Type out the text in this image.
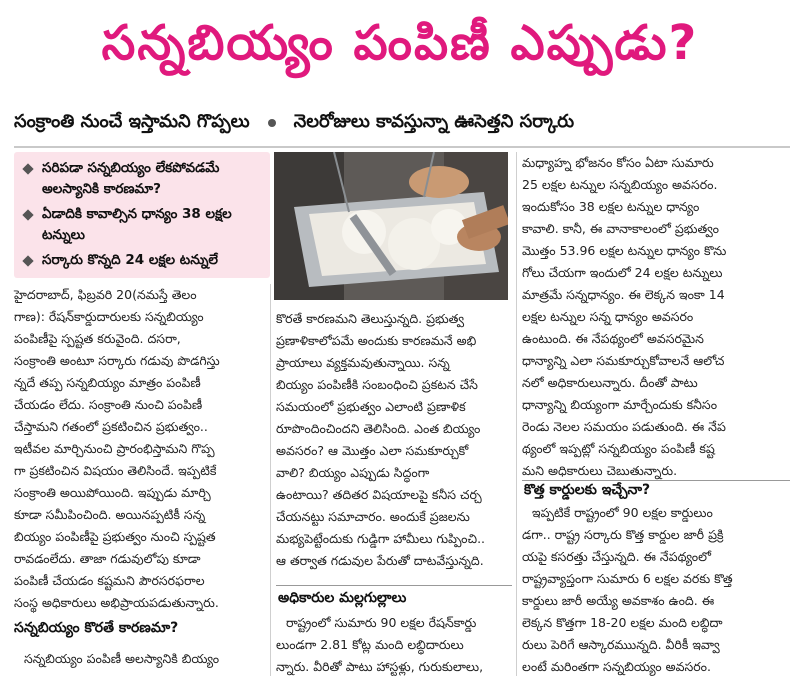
సన్నబియ్యం పంపిణీ ఎప్పుడు?
సంక్రాంతి నుంచే ఇస్తామని గొప్పలు నెలరోజులు కావస్తున్నా ఊసెత్తని సర్కారు
సరిపడా సన్నబియ్యం లేకపోవడమే అలస్యానికి కారణమా?
ఏడాదికి కావాల్సిన ధాన్యం 38 లక్షల టన్నులు
సర్కారు కొన్నది 24 లక్షల టన్నులే

హైదరాబాద్, ఫిబ్రవరి 20(నమస్తే తెలం

గాణ): రేషన్‌కార్డుదారులకు సన్నబియ్యం

పంపిణీపై స్పష్టత కరువైంది. దసరా,

సంక్రాంతి అంటూ సర్కారు గడువు పొడగిస్తు

న్నదే తప్ప సన్నబియ్యం మాత్రం పంపిణీ

చేయడం లేదు. సంక్రాంతి నుంచి పంపిణీ

చేస్తామని గతంలో ప్రకటించిన ప్రభుత్వం..

ఇటీవల మార్చినుంచి ప్రారంభిస్తామని గొప్ప

గా ప్రకటించిన విషయం తెలిసిందే. ఇప్పటికే

సంక్రాంతి అయిపోయింది. ఇప్పుడు మార్చి

కూడా సమీపించింది. అయినప్పటికీ సన్న

బియ్యం పంపిణీపై ప్రభుత్వం నుంచి స్పష్టత

రావడంలేదు. తాజా గడువులోపు కూడా

పంపిణీ చేయడం కష్టమని పౌరసరఫరాల

సంస్థ అధికారులు అభిప్రాయపడుతున్నారు.

సన్నబియ్యం కొరతే కారణమా?

సన్నబియ్యం పంపిణీ అలస్యానికి బియ్యం

కొరతే కారణమని తెలుస్తున్నది. ప్రభుత్వ

ప్రణాళికాలోపమే అందుకు కారణమనే అభి

ప్రాయాలు వ్యక్తమవుతున్నాయి. సన్న

బియ్యం పంపిణీకి సంబంధించి ప్రకటన చేసే

సమయంలో ప్రభుత్వం ఎలాంటి ప్రణాళిక

రూపొందించిందని తెలిసింది. ఎంత బియ్యం

అవసరం? ఆ మొత్తం ఎలా సమకూర్చుకో

వాలి? బియ్యం ఎప్పుడు సిద్ధంగా

ఉంటాయి? తదితర విషయాలపై కనీస చర్చ

చేయనట్టు సమాచారం. అందుకే ప్రజలను

మభ్యపెట్టేందుకు గుడ్డిగా హామీలు గుప్పించి..

ఆ తర్వాత గడువుల పేరుతో దాటవేస్తున్నది.

అధికారుల మల్లగుల్లాలు

రాష్ట్రంలో సుమారు 90 లక్షల రేషన్‌కార్డు

లుండగా 2.81 కోట్ల మంది లబ్ధిదారులు

న్నారు. వీరితో పాటు హాస్టళ్లు, గురుకులాలు,

మధ్యాహ్న భోజనం కోసం ఏటా సుమారు

25 లక్షల టన్నుల సన్నబియ్యం అవసరం.

ఇందుకోసం 38 లక్షల టన్నుల ధాన్యం

కావాలి. కానీ, ఈ వానాకాలంలో ప్రభుత్వం

మొత్తం 53.96 లక్షల టన్నుల ధాన్యం కొను

గోలు చేయగా ఇందులో 24 లక్షల టన్నులు

మాత్రమే సన్నధాన్యం. ఈ లెక్కన ఇంకా 14

లక్షల టన్నుల సన్న ధాన్యం అవసరం

ఉంటుంది. ఈ నేపథ్యంలో అవసరమైన

ధాన్యాన్ని ఎలా సమకూర్చుకోవాలనే ఆలోచ

నలో అధికారులున్నారు. దీంతో పాటు

ధాన్యాన్ని బియ్యంగా మార్చేందుకు కనీసం

రెండు నెలల సమయం పడుతుంది. ఈ నేప

థ్యంలో ఇప్పట్లో సన్నబియ్యం పంపిణీ కష్ట

మని అధికారులు చెబుతున్నారు.

కొత్త కార్డులకు ఇచ్చేనా?

ఇప్పటికే రాష్ట్రంలో 90 లక్షల కార్డులుం

డగా.. రాష్ట్ర సర్కారు కొత్త కార్డుల జారీ ప్రక్రి

యపై కసరత్తు చేస్తున్నది. ఈ నేపథ్యంలో

రాష్ట్రవ్యాప్తంగా సుమారు 6 లక్షల వరకు కొత్త

కార్డులు జారీ అయ్యే అవకాశం ఉంది. ఈ

లెక్కన కొత్తగా 18-20 లక్షల మంది లబ్ధిదా

రులు పెరిగే ఆస్కారముున్నది. వీరికీ ఇవ్వా

లంటే మరింతగా సన్నబియ్యం అవసరం.
